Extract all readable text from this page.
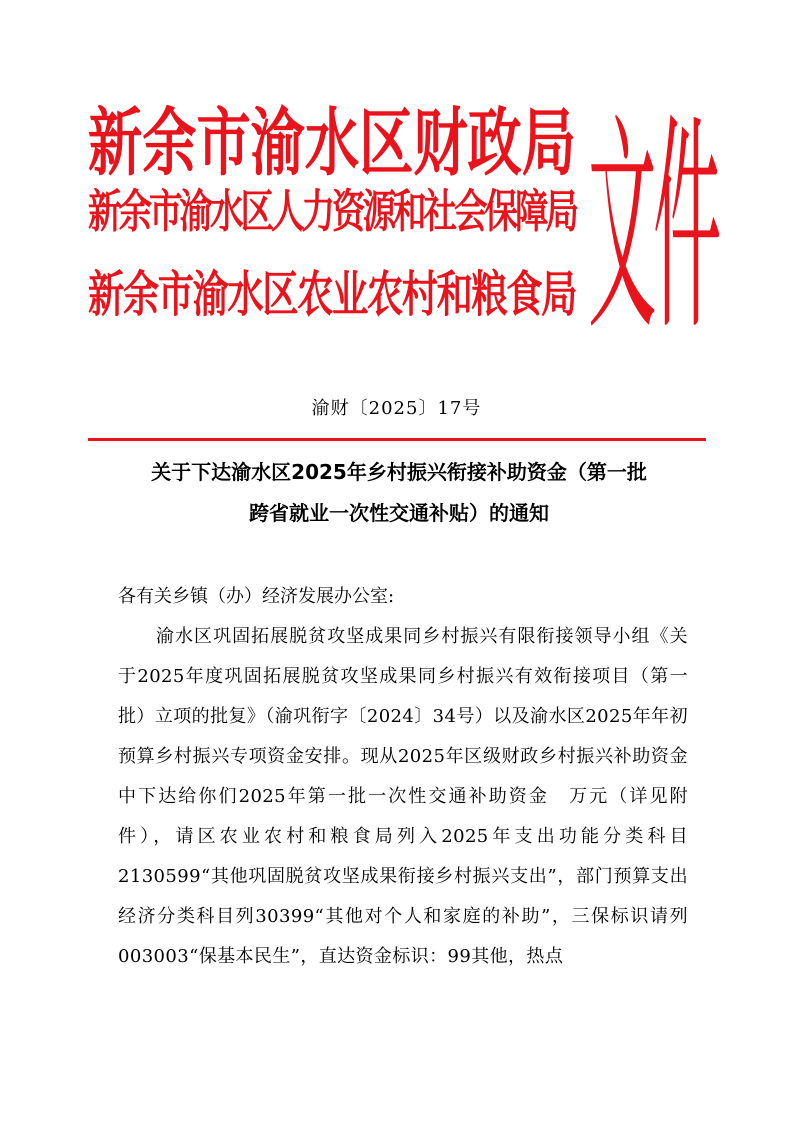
新余市渝水区财政局
新余市渝水区人力资源和社会保障局
新余市渝水区农业农村和粮食局 文件
渝财〔2025〕17号
关于下达渝水区2025年乡村振兴衔接补助资金（第一批
跨省就业一次性交通补贴）的通知
各有关乡镇（办）经济发展办公室:
渝水区巩固拓展脱贫攻坚成果同乡村振兴有限衔接领导小组《关于2025年度巩固拓展脱贫攻坚成果同乡村振兴有效衔接项目（第一批）立项的批复》（渝巩衔字〔2024〕34号）以及渝水区2025年年初预算乡村振兴专项资金安排。现从2025年区级财政乡村振兴补助资金中下达给你们2025年第一批一次性交通补助资金　万元（详见附件），请区农业农村和粮食局列入2025年支出功能分类科目2130599“其他巩固脱贫攻坚成果衔接乡村振兴支出”，部门预算支出经济分类科目列30399“其他对个人和家庭的补助”，三保标识请列003003“保基本民生”，直达资金标识：99其他，热点
